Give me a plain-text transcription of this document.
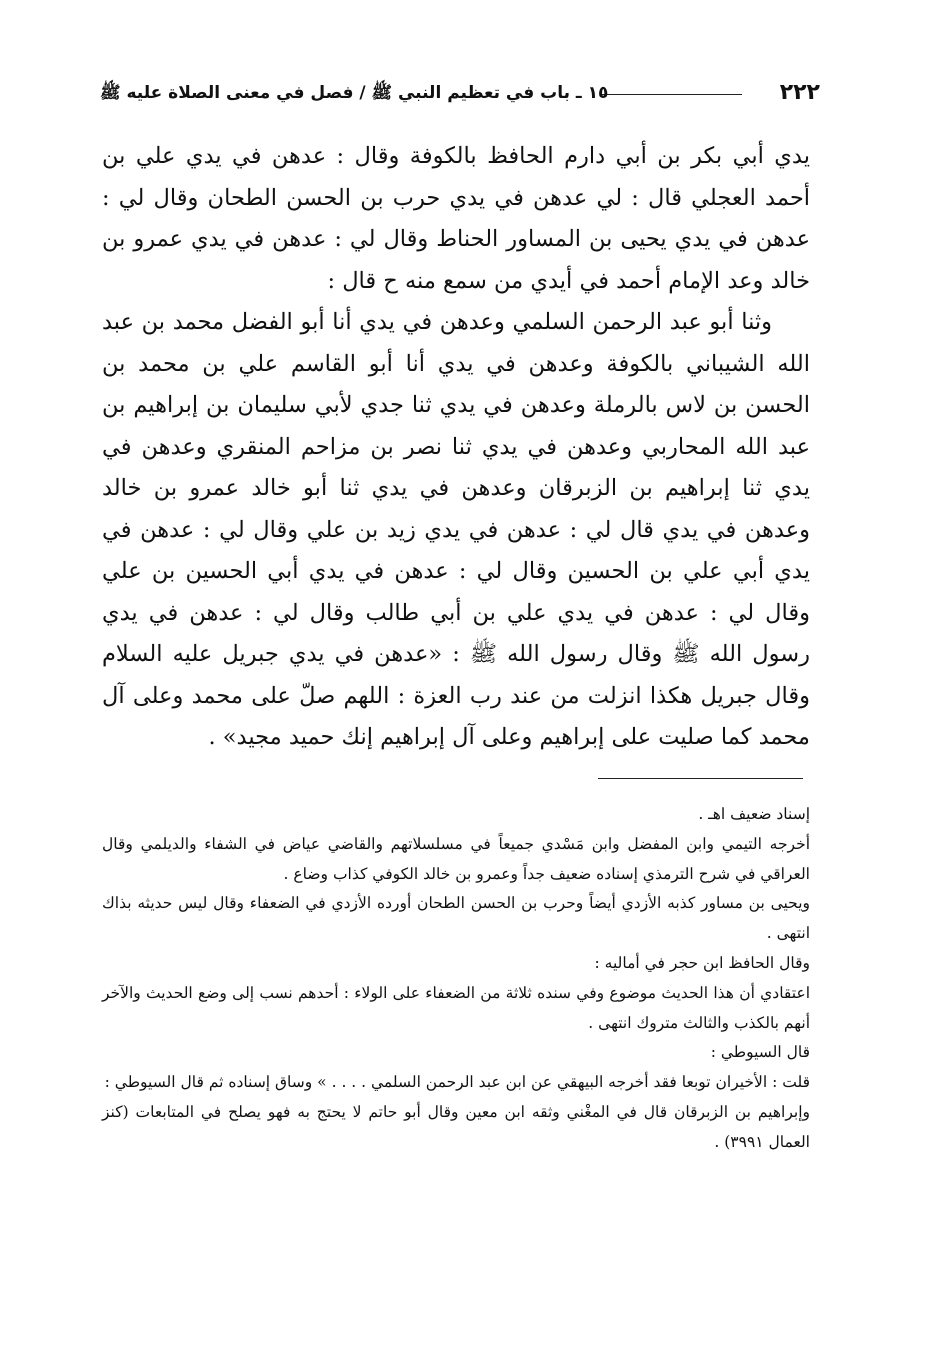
٢٢٢
١٥ ـ باب في تعظيم النبي ﷺ / فصل في معنى الصلاة عليه ﷺ

يدي أبي بكر بن أبي دارم الحافظ بالكوفة وقال : عدهن في يدي علي بن أحمد العجلي قال : لي عدهن في يدي حرب بن الحسن الطحان وقال لي : عدهن في يدي يحيى بن المساور الحناط وقال لي : عدهن في يدي عمرو بن خالد وعد الإمام أحمد في أيدي من سمع منه ح قال :

وثنا أبو عبد الرحمن السلمي وعدهن في يدي أنا أبو الفضل محمد بن عبد الله الشيباني بالكوفة وعدهن في يدي أنا أبو القاسم علي بن محمد بن الحسن بن لاس بالرملة وعدهن في يدي ثنا جدي لأبي سليمان بن إبراهيم بن عبد الله المحاربي وعدهن في يدي ثنا نصر بن مزاحم المنقري وعدهن في يدي ثنا إبراهيم بن الزبرقان وعدهن في يدي ثنا أبو خالد عمرو بن خالد وعدهن في يدي قال لي : عدهن في يدي زيد بن علي وقال لي : عدهن في يدي أبي علي بن الحسين وقال لي : عدهن في يدي أبي الحسين بن علي وقال لي : عدهن في يدي علي بن أبي طالب وقال لي : عدهن في يدي رسول الله ﷺ وقال رسول الله ﷺ : «عدهن في يدي جبريل عليه السلام وقال جبريل هكذا انزلت من عند رب العزة : اللهم صلّ على محمد وعلى آل محمد كما صليت على إبراهيم وعلى آل إبراهيم إنك حميد مجيد» .

إسناد ضعيف اهـ .

أخرجه التيمي وابن المفضل وابن مَسْدي جميعاً في مسلسلاتهم والقاضي عياض في الشفاء والديلمي وقال العراقي في شرح الترمذي إسناده ضعيف جداً وعمرو بن خالد الكوفي كذاب وضاع .

ويحيى بن مساور كذبه الأزدي أيضاً وحرب بن الحسن الطحان أورده الأزدي في الضعفاء وقال ليس حديثه بذاك انتهى .

وقال الحافظ ابن حجر في أماليه :

اعتقادي أن هذا الحديث موضوع وفي سنده ثلاثة من الضعفاء على الولاء : أحدهم نسب إلى وضع الحديث والآخر أنهم بالكذب والثالث متروك انتهى .

قال السيوطي :

قلت : الأخيران توبعا فقد أخرجه البيهقي عن ابن عبد الرحمن السلمي . . . . » وساق إسناده ثم قال السيوطي :

وإبراهيم بن الزبرقان قال في المغْني وثقه ابن معين وقال أبو حاتم لا يحتج به فهو يصلح في المتابعات (كنز العمال ٣٩٩١) .
